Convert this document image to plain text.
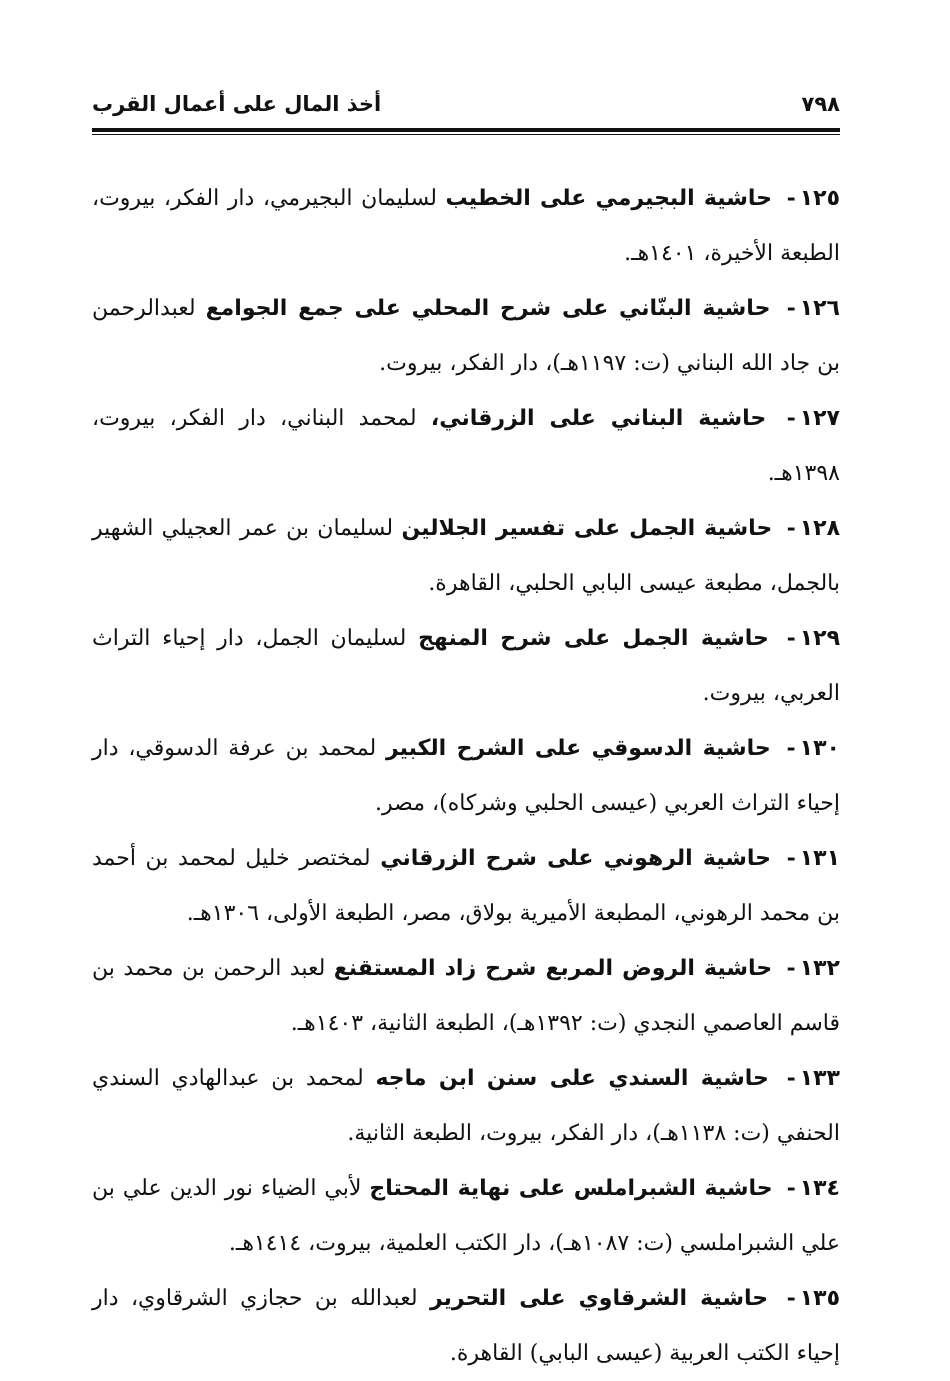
٧٩٨
أخذ المال على أعمال القرب

١٢٥- حاشية البجيرمي على الخطيب لسليمان البجيرمي، دار الفكر، بيروت، الطبعة الأخيرة، ١٤٠١هـ.

١٢٦- حاشية البنّاني على شرح المحلي على جمع الجوامع لعبدالرحمن بن جاد الله البناني (ت: ١١٩٧هـ)، دار الفكر، بيروت.

١٢٧- حاشية البناني على الزرقاني، لمحمد البناني، دار الفكر، بيروت، ١٣٩٨هـ.

١٢٨- حاشية الجمل على تفسير الجلالين لسليمان بن عمر العجيلي الشهير بالجمل، مطبعة عيسى البابي الحلبي، القاهرة.

١٢٩- حاشية الجمل على شرح المنهج لسليمان الجمل، دار إحياء التراث العربي، بيروت.

١٣٠- حاشية الدسوقي على الشرح الكبير لمحمد بن عرفة الدسوقي، دار إحياء التراث العربي (عيسى الحلبي وشركاه)، مصر.

١٣١- حاشية الرهوني على شرح الزرقاني لمختصر خليل لمحمد بن أحمد بن محمد الرهوني، المطبعة الأميرية بولاق، مصر، الطبعة الأولى، ١٣٠٦هـ.

١٣٢- حاشية الروض المربع شرح زاد المستقنع لعبد الرحمن بن محمد بن قاسم العاصمي النجدي (ت: ١٣٩٢هـ)، الطبعة الثانية، ١٤٠٣هـ.

١٣٣- حاشية السندي على سنن ابن ماجه لمحمد بن عبدالهادي السندي الحنفي (ت: ١١٣٨هـ)، دار الفكر، بيروت، الطبعة الثانية.

١٣٤- حاشية الشبراملس على نهاية المحتاج لأبي الضياء نور الدين علي بن علي الشبراملسي (ت: ١٠٨٧هـ)، دار الكتب العلمية، بيروت، ١٤١٤هـ.

١٣٥- حاشية الشرقاوي على التحرير لعبدالله بن حجازي الشرقاوي، دار إحياء الكتب العربية (عيسى البابي) القاهرة.
